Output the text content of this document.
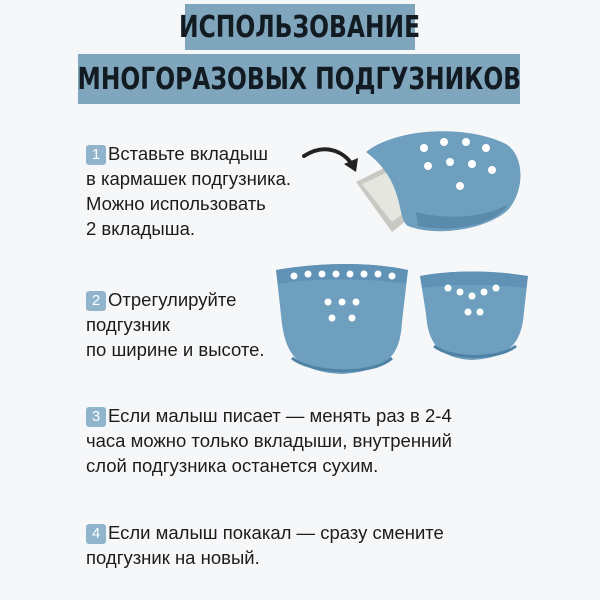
ИСПОЛЬЗОВАНИЕ
МНОГОРАЗОВЫХ ПОДГУЗНИКОВ
1 Вставьте вкладыш
в кармашек подгузника.
Можно использовать
2 вкладыша.
2 Отрегулируйте
подгузник
по ширине и высоте.
3 Если малыш писает — менять раз в 2-4
часа можно только вкладыши, внутренний
слой подгузника останется сухим.
4 Если малыш покакал — сразу смените
подгузник на новый.
